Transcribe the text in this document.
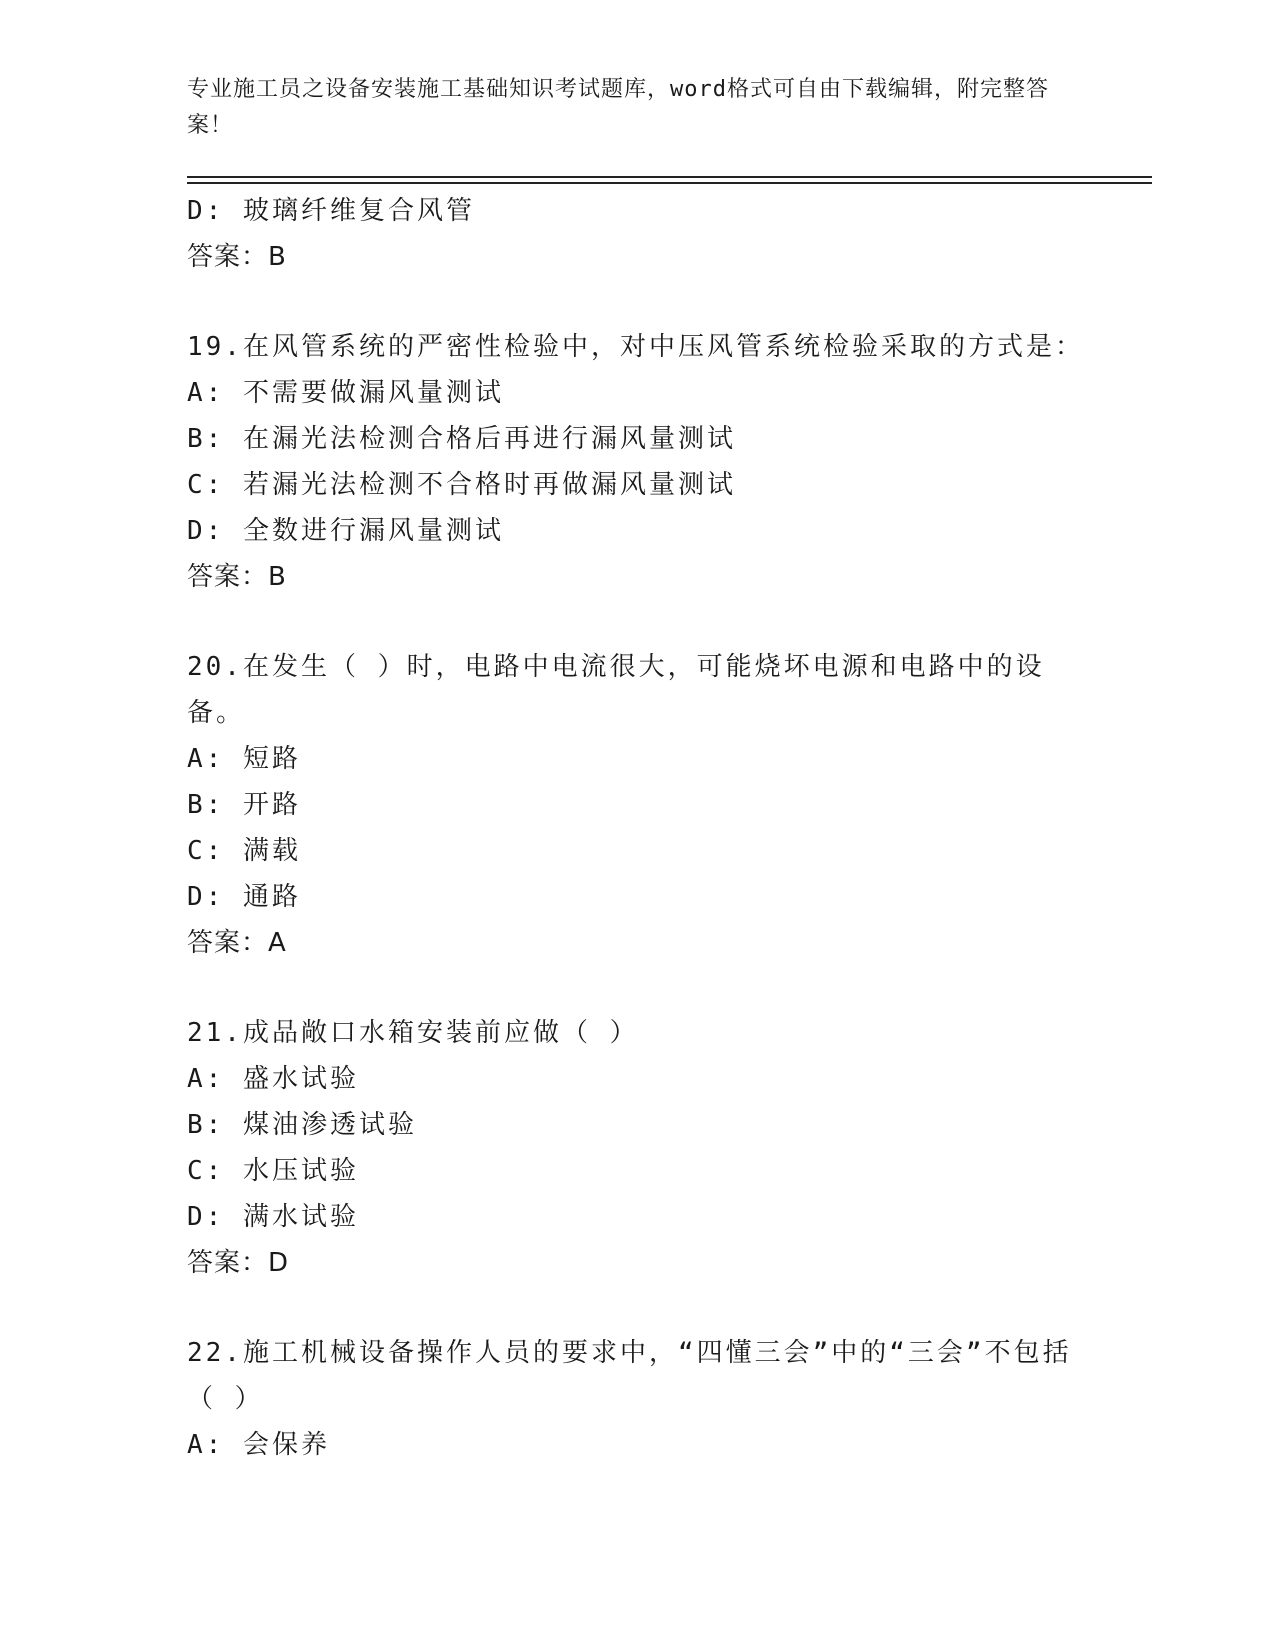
专业施工员之设备安装施工基础知识考试题库，word格式可自由下载编辑，附完整答案！
D: 玻璃纤维复合风管
答案：B
19.在风管系统的严密性检验中，对中压风管系统检验采取的方式是：
A: 不需要做漏风量测试
B: 在漏光法检测合格后再进行漏风量测试
C: 若漏光法检测不合格时再做漏风量测试
D: 全数进行漏风量测试
答案：B
20.在发生（ ）时，电路中电流很大，可能烧坏电源和电路中的设备。
A: 短路
B: 开路
C: 满载
D: 通路
答案：A
21.成品敞口水箱安装前应做（ ）
A: 盛水试验
B: 煤油渗透试验
C: 水压试验
D: 满水试验
答案：D
22.施工机械设备操作人员的要求中，“四懂三会”中的“三会”不包括（ ）
A: 会保养
